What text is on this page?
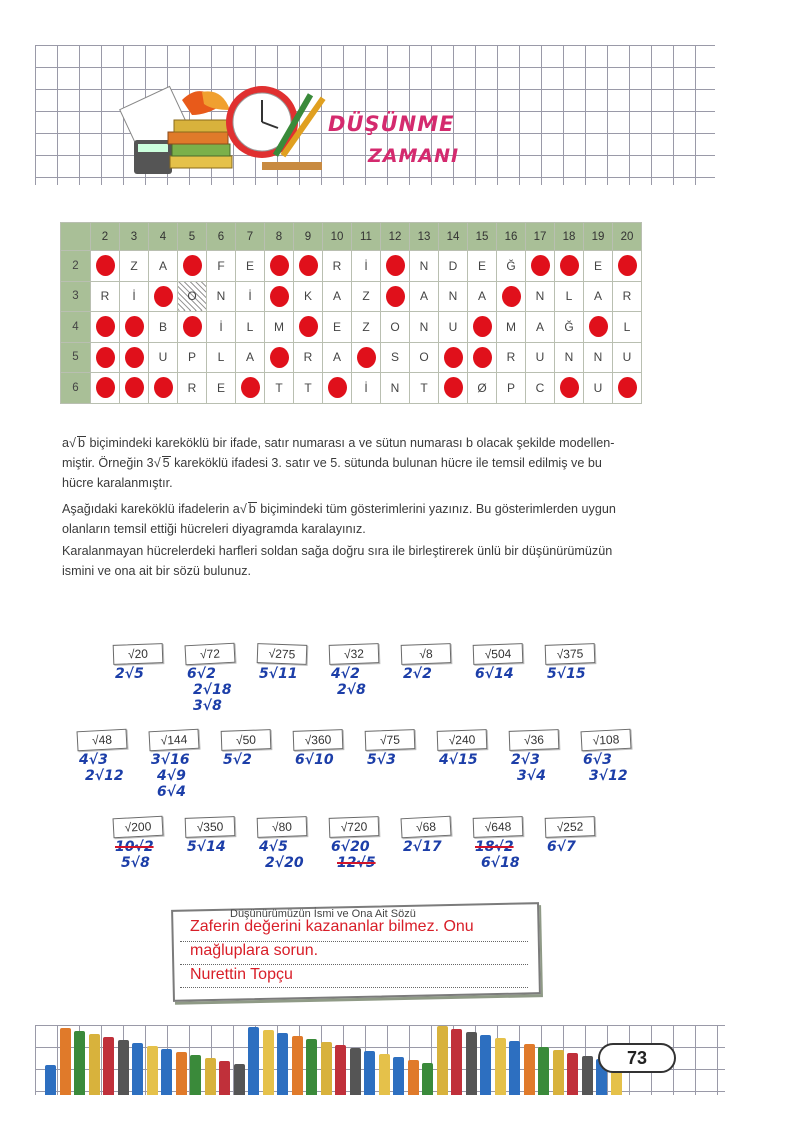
DÜŞÜNME
ZAMANI
	2	3	4	5	6	7	8	9	10	11	12	13	14	15	16	17	18	19	20
2		Z	A		F	E			R	İ		N	D	E	Ğ			E	

3	R	İ		O	N	İ		K	A	Z		A	N	A		N	L	A	R
4			B		İ	L	M		E	Z	O	N	U		M	A	Ğ		L
5			U	P	L	A		R	A		S	O			R	U	N	N	U
6				R	E		T	T		İ	N	T		Ø	P	C		U	
a√ b biçimindeki kareköklü bir ifade, satır numarası a ve sütun numarası b olacak şekilde modellen-
miştir. Örneğin 3√ 5 kareköklü ifadesi 3. satır ve 5. sütunda bulunan hücre ile temsil edilmiş ve bu
hücre karalanmıştır.
Aşağıdaki kareköklü ifadelerin a√ b biçimindeki tüm gösterimlerini yazınız. Bu gösterimlerden uygun
olanların temsil ettiği hücreleri diyagramda karalayınız.
Karalanmayan hücrelerdeki harfleri soldan sağa doğru sıra ile birleştirerek ünlü bir düşünürümüzün
ismini ve ona ait bir sözü bulunuz.
√20
2√5
√72
6√2
2√18
3√8
√275
5√11
√32
4√2
2√8
√8
2√2
√504
6√14
√375
5√15
√48
4√3
2√12
√144
3√16
4√9
6√4
√50
5√2
√360
6√10
√75
5√3
√240
4√15
√36
2√3
3√4
√108
6√3
3√12
√200
10√2
5√8
√350
5√14
√80
4√5
2√20
√720
6√20
12√5
√68
2√17
√648
18√2
6√18
√252
6√7
Düşünürümüzün İsmi ve Ona Ait Sözü
Zaferin değerini kazananlar bilmez. Onu
mağluplara sorun.
Nurettin Topçu
73
